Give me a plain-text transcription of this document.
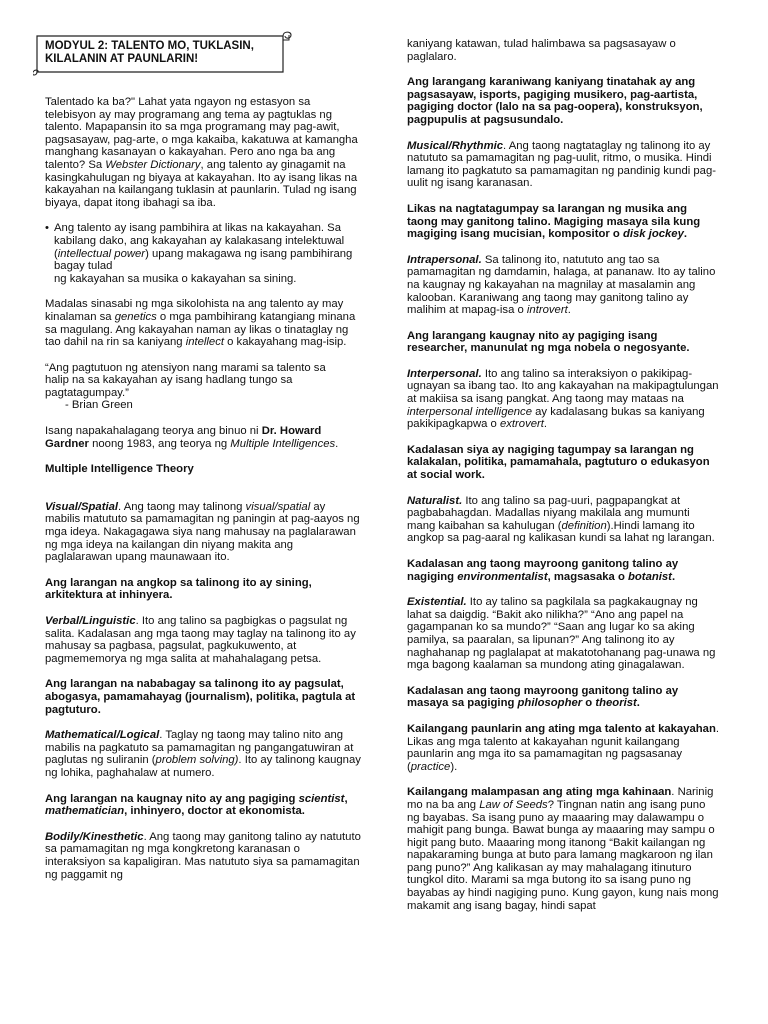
MODYUL 2: TALENTO MO, TUKLASIN,
KILALANIN AT PAUNLARIN!

Talentado ka ba?" Lahat yata ngayon ng estasyon sa telebisyon ay may programang ang tema ay pagtuklas ng talento. Mapapansin ito sa mga programang may pag-awit, pagsasayaw, pag-arte, o mga kakaiba, kakatuwa at kamangha manghang kasanayan o kakayahan. Pero ano nga ba ang talento? Sa Webster Dictionary, ang talento ay ginagamit na kasingkahulugan ng biyaya at kakayahan. Ito ay isang likas na kakayahan na kailangang tuklasin at paunlarin. Tulad ng isang biyaya, dapat itong ibahagi sa iba.

• Ang talento ay isang pambihira at likas na kakayahan. Sa kabilang dako, ang kakayahan ay kalakasang intelektuwal (intellectual power) upang makagawa ng isang pambihirang bagay tulad
ng kakayahan sa musika o kakayahan sa sining.

Madalas sinasabi ng mga sikolohista na ang talento ay may kinalaman sa genetics o mga pambihirang katangiang minana sa magulang. Ang kakayahan naman ay likas o tinataglay ng tao dahil na rin sa kaniyang intellect o kakayahang mag-isip.

“Ang pagtutuon ng atensiyon nang marami sa talento sa halip na sa kakayahan ay isang hadlang tungo sa pagtatagumpay.”

- Brian Green

Isang napakahalagang teorya ang binuo ni Dr. Howard Gardner noong 1983, ang teorya ng Multiple Intelligences.

Multiple Intelligence Theory

Visual/Spatial. Ang taong may talinong visual/spatial ay mabilis matututo sa pamamagitan ng paningin at pag-aayos ng mga ideya. Nakagagawa siya nang mahusay na paglalarawan ng mga ideya na kailangan din niyang makita ang paglalarawan upang maunawaan ito.

Ang larangan na angkop sa talinong ito ay sining, arkitektura at inhinyera.

Verbal/Linguistic. Ito ang talino sa pagbigkas o pagsulat ng salita. Kadalasan ang mga taong may taglay na talinong ito ay mahusay sa pagbasa, pagsulat, pagkukuwento, at pagmememorya ng mga salita at mahahalagang petsa.

Ang larangan na nababagay sa talinong ito ay pagsulat, abogasya, pamamahayag (journalism), politika, pagtula at pagtuturo.

Mathematical/Logical. Taglay ng taong may talino nito ang mabilis na pagkatuto sa pamamagitan ng pangangatuwiran at paglutas ng suliranin (problem solving). Ito ay talinong kaugnay ng lohika, paghahalaw at numero.

Ang larangan na kaugnay nito ay ang pagiging scientist, mathematician, inhinyero, doctor at ekonomista.

Bodily/Kinesthetic. Ang taong may ganitong talino ay natututo sa pamamagitan ng mga kongkretong karanasan o interaksiyon sa kapaligiran. Mas natututo siya sa pamamagitan ng paggamit ng

kaniyang katawan, tulad halimbawa sa pagsasayaw o paglalaro.

Ang larangang karaniwang kaniyang tinatahak ay ang pagsasayaw, isports, pagiging musikero, pag-aartista, pagiging doctor (lalo na sa pag-oopera), konstruksyon, pagpupulis at pagsusundalo.

Musical/Rhythmic. Ang taong nagtataglay ng talinong ito ay natututo sa pamamagitan ng pag-uulit, ritmo, o musika. Hindi lamang ito pagkatuto sa pamamagitan ng pandinig kundi pag-uulit ng isang karanasan.

Likas na nagtatagumpay sa larangan ng musika ang taong may ganitong talino. Magiging masaya sila kung magiging isang mucisian, kompositor o disk jockey.

Intrapersonal. Sa talinong ito, natututo ang tao sa pamamagitan ng damdamin, halaga, at pananaw. Ito ay talino na kaugnay ng kakayahan na magnilay at masalamin ang kalooban. Karaniwang ang taong may ganitong talino ay malihim at mapag-isa o introvert.

Ang larangang kaugnay nito ay pagiging isang researcher, manunulat ng mga nobela o negosyante.

Interpersonal. Ito ang talino sa interaksiyon o pakikipag-ugnayan sa ibang tao. Ito ang kakayahan na makipagtulungan at makiisa sa isang pangkat. Ang taong may mataas na interpersonal intelligence ay kadalasang bukas sa kaniyang pakikipagkapwa o extrovert.

Kadalasan siya ay nagiging tagumpay sa larangan ng kalakalan, politika, pamamahala, pagtuturo o edukasyon at social work.

Naturalist. Ito ang talino sa pag-uuri, pagpapangkat at pagbabahagdan. Madallas niyang makilala ang mumunti mang kaibahan sa kahulugan (definition).Hindi lamang ito angkop sa pag-aaral ng kalikasan kundi sa lahat ng larangan.

Kadalasan ang taong mayroong ganitong talino ay nagiging environmentalist, magsasaka o botanist.

Existential. Ito ay talino sa pagkilala sa pagkakaugnay ng lahat sa daigdig. “Bakit ako nilikha?” “Ano ang papel na gagampanan ko sa mundo?” “Saan ang lugar ko sa aking pamilya, sa paaralan, sa lipunan?” Ang talinong ito ay naghahanap ng paglalapat at makatotohanang pag-unawa ng mga bagong kaalaman sa mundong ating ginagalawan.

Kadalasan ang taong mayroong ganitong talino ay masaya sa pagiging philosopher o theorist.

Kailangang paunlarin ang ating mga talento at kakayahan. Likas ang mga talento at kakayahan ngunit kailangang paunlarin ang mga ito sa pamamagitan ng pagsasanay (practice).

Kailangang malampasan ang ating mga kahinaan. Narinig mo na ba ang Law of Seeds? Tingnan natin ang isang puno ng bayabas. Sa isang puno ay maaaring may dalawampu o mahigit pang bunga. Bawat bunga ay maaaring may sampu o higit pang buto. Maaaring mong itanong “Bakit kailangan ng napakaraming bunga at buto para lamang magkaroon ng ilan pang puno?” Ang kalikasan ay may mahalagang itinuturo tungkol dito. Marami sa mga butong ito sa isang puno ng bayabas ay hindi nagiging puno. Kung gayon, kung nais mong makamit ang isang bagay, hindi sapat
